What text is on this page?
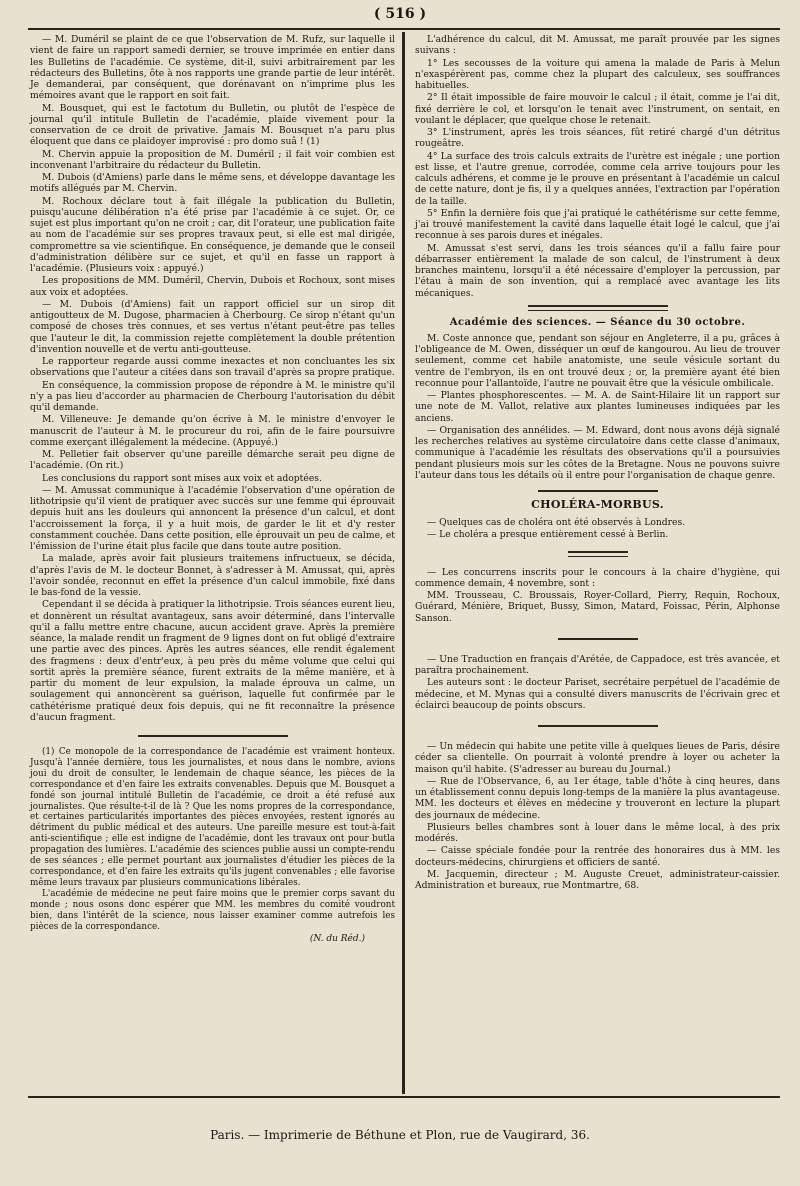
( 516 )

— M. Duméril se plaint de ce que l'observation de M. Rufz, sur laquelle il vient de faire un rapport samedi dernier, se trouve imprimée en entier dans les Bulletins de l'académie. Ce système, dit-il, suivi arbitrairement par les rédacteurs des Bulletins, ôte à nos rapports une grande partie de leur intérêt. Je demanderai, par conséquent, que dorénavant on n'imprime plus les mémoires avant que le rapport en soit fait.

M. Bousquet, qui est le factotum du Bulletin, ou plutôt de l'espèce de journal qu'il intitule Bulletin de l'académie, plaide vivement pour la conservation de ce droit de privative. Jamais M. Bousquet n'a paru plus éloquent que dans ce plaidoyer improvisé : pro domo suâ ! (1)

M. Chervin appuie la proposition de M. Duméril ; il fait voir combien est inconvenant l'arbitraire du rédacteur du Bulletin.

M. Dubois (d'Amiens) parle dans le même sens, et développe davantage les motifs allégués par M. Chervin.

M. Rochoux déclare tout à fait illégale la publication du Bulletin, puisqu'aucune délibération n'a été prise par l'académie à ce sujet. Or, ce sujet est plus important qu'on ne croit ; car, dit l'orateur, une publication faite au nom de l'académie sur ses propres travaux peut, si elle est mal dirigée, compromettre sa vie scientifique. En conséquence, je demande que le conseil d'administration délibère sur ce sujet, et qu'il en fasse un rapport à l'académie. (Plusieurs voix : appuyé.)

Les propositions de MM. Duméril, Chervin, Dubois et Rochoux, sont mises aux voix et adoptées.

— M. Dubois (d'Amiens) fait un rapport officiel sur un sirop dit antigoutteux de M. Dugose, pharmacien à Cherbourg. Ce sirop n'étant qu'un composé de choses très connues, et ses vertus n'étant peut-être pas telles que l'auteur le dit, la commission rejette complètement la double prétention d'invention nouvelle et de vertu anti-goutteuse.

Le rapporteur regarde aussi comme inexactes et non concluantes les six observations que l'auteur a citées dans son travail d'après sa propre pratique.

En conséquence, la commission propose de répondre à M. le ministre qu'il n'y a pas lieu d'accorder au pharmacien de Cherbourg l'autorisation du débit qu'il demande.

M. Villeneuve: Je demande qu'on écrive à M. le ministre d'envoyer le manuscrit de l'auteur à M. le procureur du roi, afin de le faire poursuivre comme exerçant illégalement la médecine. (Appuyé.)

M. Pelletier fait observer qu'une pareille démarche serait peu digne de l'académie. (On rit.)

Les conclusions du rapport sont mises aux voix et adoptées.

— M. Amussat communique à l'académie l'observation d'une opération de lithotripsie qu'il vient de pratiquer avec succès sur une femme qui éprouvait depuis huit ans les douleurs qui annoncent la présence d'un calcul, et dont l'accroissement la força, il y a huit mois, de garder le lit et d'y rester constamment couchée. Dans cette position, elle éprouvait un peu de calme, et l'émission de l'urine était plus facile que dans toute autre position.

La malade, après avoir fait plusieurs traitemens infructueux, se décida, d'après l'avis de M. le docteur Bonnet, à s'adresser à M. Amussat, qui, après l'avoir sondée, reconnut en effet la présence d'un calcul immobile, fixé dans le bas-fond de la vessie.

Cependant il se décida à pratiquer la lithotripsie. Trois séances eurent lieu, et donnèrent un résultat avantageux, sans avoir déterminé, dans l'intervalle qu'il a fallu mettre entre chacune, aucun accident grave. Après la première séance, la malade rendit un fragment de 9 lignes dont on fut obligé d'extraire une partie avec des pinces. Après les autres séances, elle rendit également des fragmens : deux d'entr'eux, à peu près du même volume que celui qui sortit après la première séance, furent extraits de la même manière, et à partir du moment de leur expulsion, la malade éprouva un calme, un soulagement qui annoncèrent sa guérison, laquelle fut confirmée par le cathétérisme pratiqué deux fois depuis, qui ne fit reconnaître la présence d'aucun fragment.

(1) Ce monopole de la correspondance de l'académie est vraiment honteux. Jusqu'à l'année dernière, tous les journalistes, et nous dans le nombre, avions joui du droit de consulter, le lendemain de chaque séance, les pièces de la correspondance et d'en faire les extraits convenables. Depuis que M. Bousquet a fondé son journal intitulé Bulletin de l'académie, ce droit a été refusé aux journalistes. Que résulte-t-il de là ? Que les noms propres de la correspondance, et certaines particularités importantes des pièces envoyées, restent ignorés au détriment du public médical et des auteurs. Une pareille mesure est tout-à-fait anti-scientifique ; elle est indigne de l'académie, dont les travaux ont pour butla propagation des lumières. L'académie des sciences publie aussi un compte-rendu de ses séances ; elle permet pourtant aux journalistes d'étudier les pièces de la correspondance, et d'en faire les extraits qu'ils jugent convenables ; elle favorise même leurs travaux par plusieurs communications libérales.

L'académie de médecine ne peut faire moins que le premier corps savant du monde ; nous osons donc espérer que MM. les membres du comité voudront bien, dans l'intérêt de la science, nous laisser examiner comme autrefois les pièces de la correspondance.

(N. du Réd.)

L'adhérence du calcul, dit M. Amussat, me paraît prouvée par les signes suivans :

1° Les secousses de la voiture qui amena la malade de Paris à Melun n'exaspérèrent pas, comme chez la plupart des calculeux, ses souffrances habituelles.

2° Il était impossible de faire mouvoir le calcul ; il était, comme je l'ai dit, fixé derrière le col, et lorsqu'on le tenait avec l'instrument, on sentait, en voulant le déplacer, que quelque chose le retenait.

3° L'instrument, après les trois séances, fût retiré chargé d'un détritus rougeâtre.

4° La surface des trois calculs extraits de l'urètre est inégale ; une portion est lisse, et l'autre grenue, corrodée, comme cela arrive toujours pour les calculs adhérens, et comme je le prouve en présentant à l'académie un calcul de cette nature, dont je fis, il y a quelques années, l'extraction par l'opération de la taille.

5° Enfin la dernière fois que j'ai pratiqué le cathétérisme sur cette femme, j'ai trouvé manifestement la cavité dans laquelle était logé le calcul, que j'ai reconnue à ses parois dures et inégales.

M. Amussat s'est servi, dans les trois séances qu'il a fallu faire pour débarrasser entièrement la malade de son calcul, de l'instrument à deux branches maintenu, lorsqu'il a été nécessaire d'employer la percussion, par l'étau à main de son invention, qui a remplacé avec avantage les lits mécaniques.

Académie des sciences. — Séance du 30 octobre.

M. Coste annonce que, pendant son séjour en Angleterre, il a pu, grâces à l'obligeance de M. Owen, disséquer un œuf de kangourou. Au lieu de trouver seulement, comme cet habile anatomiste, une seule vésicule sortant du ventre de l'embryon, ils en ont trouvé deux ; or, la première ayant été bien reconnue pour l'allantoïde, l'autre ne pouvait être que la vésicule ombilicale.

— Plantes phosphorescentes. — M. A. de Saint-Hilaire lit un rapport sur une note de M. Vallot, relative aux plantes lumineuses indiquées par les anciens.

— Organisation des annélides. — M. Edward, dont nous avons déjà signalé les recherches relatives au système circulatoire dans cette classe d'animaux, communique à l'académie les résultats des observations qu'il a poursuivies pendant plusieurs mois sur les côtes de la Bretagne. Nous ne pouvons suivre l'auteur dans tous les détails où il entre pour l'organisation de chaque genre.

CHOLÉRA-MORBUS.

— Quelques cas de choléra ont été observés à Londres.

— Le choléra a presque entièrement cessé à Berlin.

— Les concurrens inscrits pour le concours à la chaire d'hygiène, qui commence demain, 4 novembre, sont :

MM. Trousseau, C. Broussais, Royer-Collard, Pierry, Requin, Rochoux, Guérard, Ménière, Briquet, Bussy, Simon, Matard, Foissac, Périn, Alphonse Sanson.

— Une Traduction en français d'Arétée, de Cappadoce, est très avancée, et paraîtra prochainement.

Les auteurs sont : le docteur Pariset, secrétaire perpétuel de l'académie de médecine, et M. Mynas qui a consulté divers manuscrits de l'écrivain grec et éclairci beaucoup de points obscurs.

— Un médecin qui habite une petite ville à quelques lieues de Paris, désire céder sa clientelle. On pourrait à volonté prendre à loyer ou acheter la maison qu'il habite. (S'adresser au bureau du Journal.)

— Rue de l'Observance, 6, au 1er étage, table d'hôte à cinq heures, dans un établissement connu depuis long-temps de la manière la plus avantageuse. MM. les docteurs et élèves en médecine y trouveront en lecture la plupart des journaux de médecine.

Plusieurs belles chambres sont à louer dans le même local, à des prix modérés.

— Caisse spéciale fondée pour la rentrée des honoraires dus à MM. les docteurs-médecins, chirurgiens et officiers de santé.

M. Jacquemin, directeur ; M. Auguste Creuet, administrateur-caissier. Administration et bureaux, rue Montmartre, 68.

Paris. — Imprimerie de Béthune et Plon, rue de Vaugirard, 36.
